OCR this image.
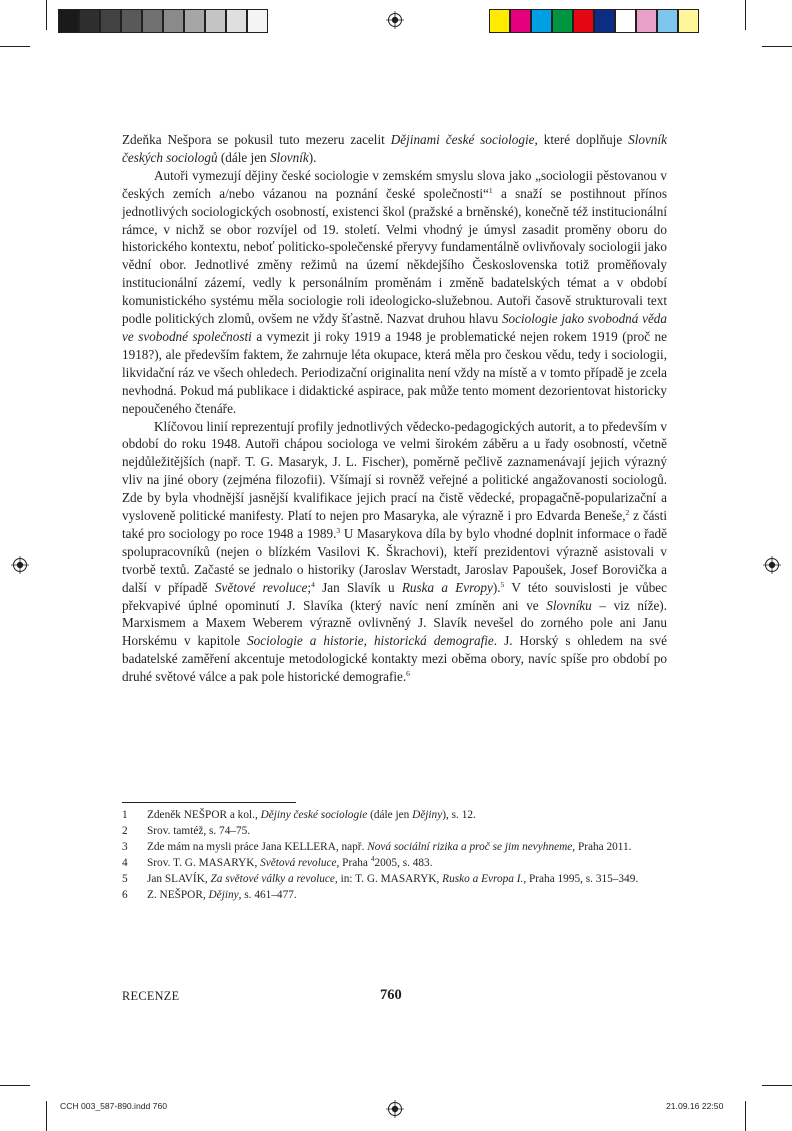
CCH 003_587-890.indd 760	21.09.16 22:50

Zdeňka Nešpora se pokusil tuto mezeru zacelit Dějinami české sociologie, které doplňuje Slovník českých sociologů (dále jen Slovník).

Autoři vymezují dějiny české sociologie v zemském smyslu slova jako „sociologii pěstovanou v českých zemích a/nebo vázanou na poznání české společnosti“$^1$ a snaží se postihnout přínos jednotlivých sociologických osobností, existenci škol (pražské a brněnské), konečně též institucionální rámce, v nichž se obor rozvíjel od 19. století. Velmi vhodný je úmysl zasadit proměny oboru do historického kontextu, neboť politicko-společenské přeryvy fundamentálně ovlivňovaly sociologii jako vědní obor. Jednotlivé změny režimů na území někdejšího Československa totiž proměňovaly institucionální zázemí, vedly k personálním proměnám i změně badatelských témat a v období komunistického systému měla sociologie roli ideologicko-služebnou. Autoři časově strukturovali text podle politických zlomů, ovšem ne vždy šťastně. Nazvat druhou hlavu Sociologie jako svobodná věda ve svobodné společnosti a vymezit ji roky 1919 a 1948 je problematické nejen rokem 1919 (proč ne 1918?), ale především faktem, že zahrnuje léta okupace, která měla pro českou vědu, tedy i sociologii, likvidační ráz ve všech ohledech. Periodizační originalita není vždy na místě a v tomto případě je zcela nevhodná. Pokud má publikace i didaktické aspirace, pak může tento moment dezorientovat historicky nepoučeného čtenáře.

Klíčovou linií reprezentují profily jednotlivých vědecko-pedagogických autorit, a to především v období do roku 1948. Autoři chápou sociologa ve velmi širokém záběru a u řady osobností, včetně nejdůležitějších (např. T. G. Masaryk, J. L. Fischer), poměrně pečlivě zaznamenávají jejich výrazný vliv na jiné obory (zejména filozofii). Všímají si rovněž veřejné a politické angažovanosti sociologů. Zde by byla vhodnější jasnější kvalifikace jejich prací na čistě vědecké, propagačně-popularizační a vysloveně politické manifesty. Platí to nejen pro Masaryka, ale výrazně i pro Edvarda Beneše,$^2$ z části také pro sociology po roce 1948 a 1989.$^3$ U Masarykova díla by bylo vhodné doplnit informace o řadě spolupracovníků (nejen o blízkém Vasilovi K. Škrachovi), kteří prezidentovi výrazně asistovali v tvorbě textů. Začasté se jednalo o historiky (Jaroslav Werstadt, Jaroslav Papoušek, Josef Borovička a další v případě Světové revoluce;$^4$ Jan Slavík u Ruska a Evropy).$^5$ V této souvislosti je vůbec překvapivé úplné opominutí J. Slavíka (který navíc není zmíněn ani ve Slovníku – viz níže). Marxismem a Maxem Weberem výrazně ovlivněný J. Slavík nevešel do zorného pole ani Janu Horskému v kapitole Sociologie a historie, historická demografie. J. Horský s ohledem na své badatelské zaměření akcentuje metodologické kontakty mezi oběma obory, navíc spíše pro období po druhé světové válce a pak pole historické demografie.$^6$

1	Zdeněk NEŠPOR a kol., Dějiny české sociologie (dále jen Dějiny), s. 12.
2	Srov. tamtéž, s. 74–75.
3	Zde mám na mysli práce Jana KELLERA, např. Nová sociální rizika a proč se jim nevyhneme, Praha 2011.
4	Srov. T. G. MASARYK, Světová revoluce, Praha $^4$2005, s. 483.
5	Jan SLAVÍK, Za světové války a revoluce, in: T. G. MASARYK, Rusko a Evropa I., Praha 1995, s. 315–349.
6	Z. NEŠPOR, Dějiny, s. 461–477.
RECENZE	760
